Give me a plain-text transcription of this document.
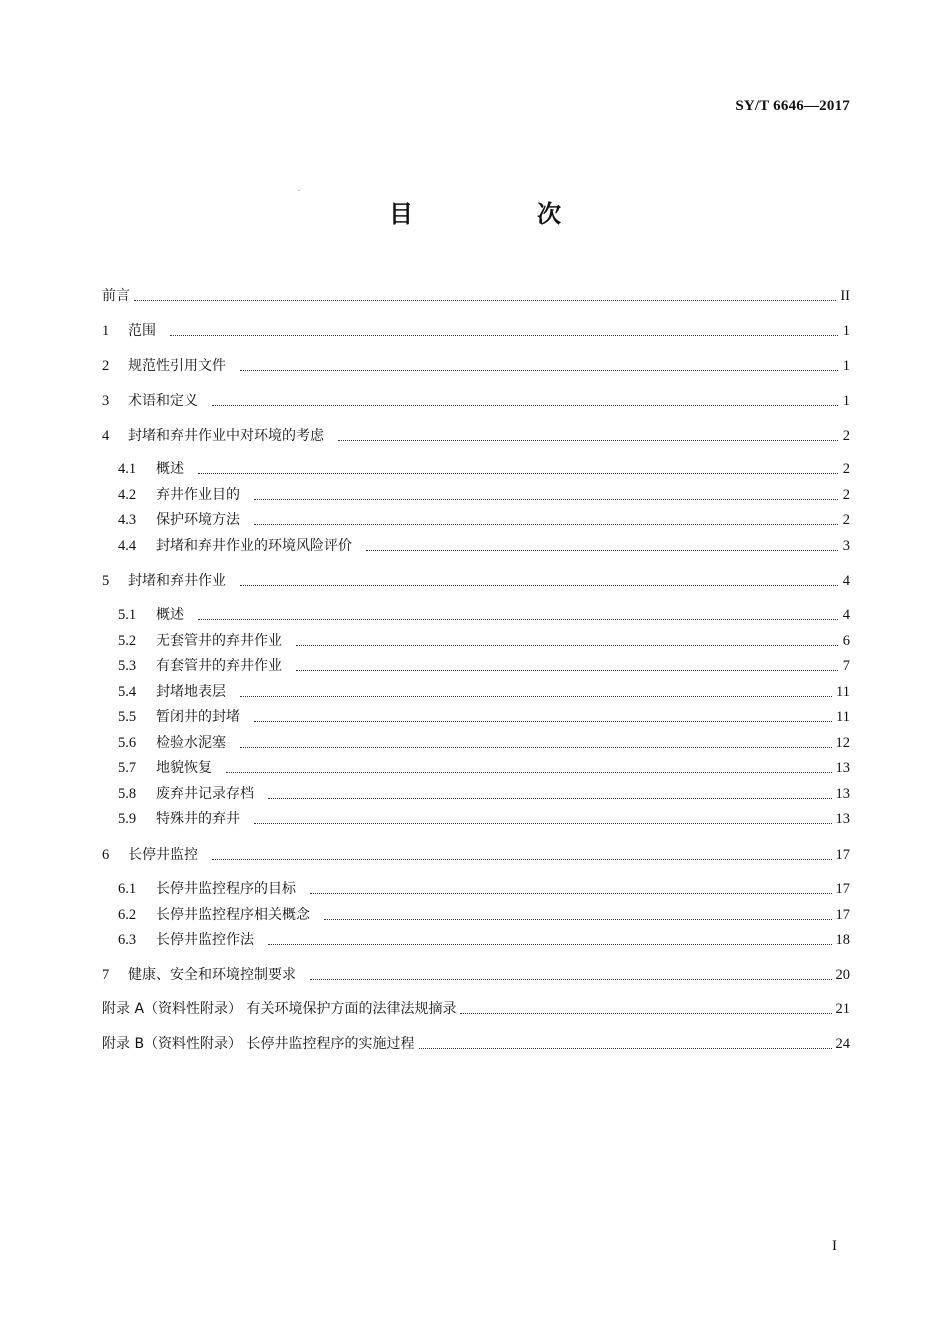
SY/T 6646—2017
目　次
前言	II
1	范围	1
2	规范性引用文件	1
3	术语和定义	1
4	封堵和弃井作业中对环境的考虑	2
4.1	概述	2
4.2	弃井作业目的	2
4.3	保护环境方法	2
4.4	封堵和弃井作业的环境风险评价	3
5	封堵和弃井作业	4
5.1	概述	4
5.2	无套管井的弃井作业	6
5.3	有套管井的弃井作业	7
5.4	封堵地表层	11
5.5	暂闭井的封堵	11
5.6	检验水泥塞	12
5.7	地貌恢复	13
5.8	废弃井记录存档	13
5.9	特殊井的弃井	13
6	长停井监控	17
6.1	长停井监控程序的目标	17
6.2	长停井监控程序相关概念	17
6.3	长停井监控作法	18
7	健康、安全和环境控制要求	20
附录 A（资料性附录） 有关环境保护方面的法律法规摘录	21
附录 B（资料性附录） 长停井监控程序的实施过程	24
I
